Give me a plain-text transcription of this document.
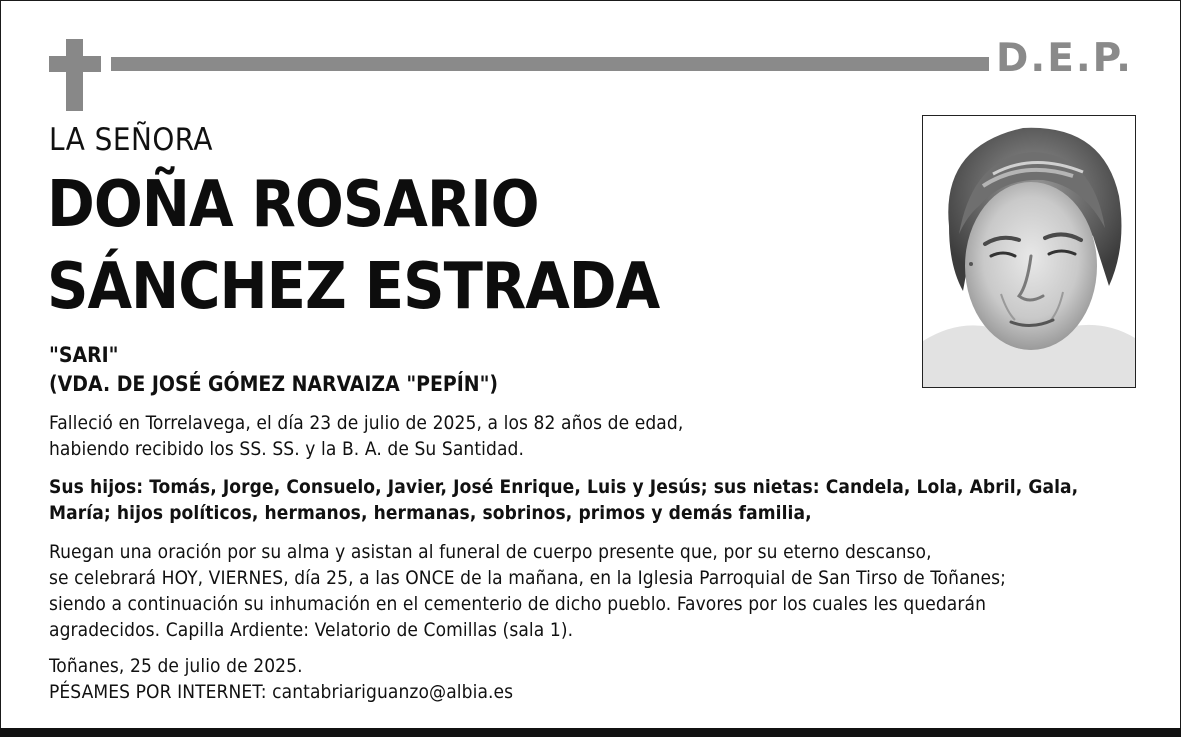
D.E.P.
LA SEÑORA
DOÑA ROSARIO
SÁNCHEZ ESTRADA
"SARI"
(VDA. DE JOSÉ GÓMEZ NARVAIZA "PEPÍN")
Falleció en Torrelavega, el día 23 de julio de 2025, a los 82 años de edad,
habiendo recibido los SS. SS. y la B. A. de Su Santidad.
Sus hijos: Tomás, Jorge, Consuelo, Javier, José Enrique, Luis y Jesús; sus nietas: Candela, Lola, Abril, Gala,
María; hijos políticos, hermanos, hermanas, sobrinos, primos y demás familia,
Ruegan una oración por su alma y asistan al funeral de cuerpo presente que, por su eterno descanso,
se celebrará HOY, VIERNES, día 25, a las ONCE de la mañana, en la Iglesia Parroquial de San Tirso de Toñanes;
siendo a continuación su inhumación en el cementerio de dicho pueblo. Favores por los cuales les quedarán
agradecidos. Capilla Ardiente: Velatorio de Comillas (sala 1).
Toñanes, 25 de julio de 2025.
PÉSAMES POR INTERNET: cantabriariguanzo@albia.es
